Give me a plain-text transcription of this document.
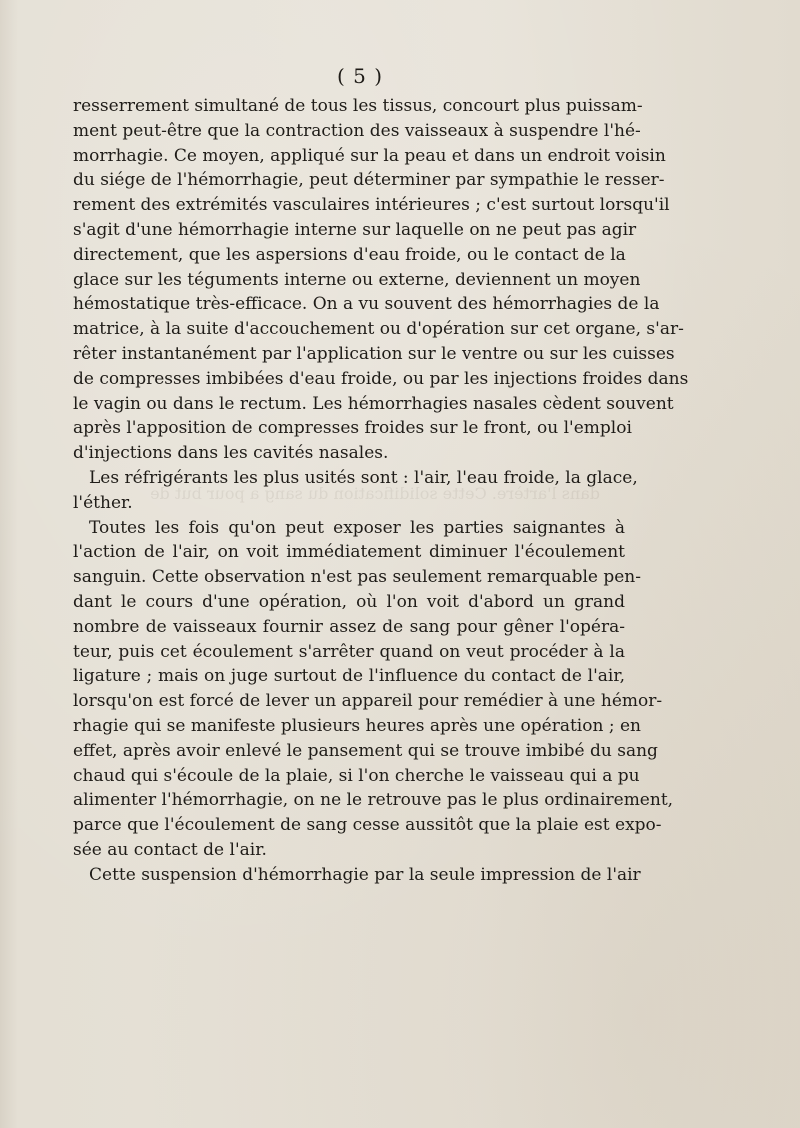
dans l'artère. Cette solidification du sang a pour but de
( 5 )
resserrement simultané de tous les tissus, concourt plus puissam-
ment peut-être que la contraction des vaisseaux à suspendre l'hé-
morrhagie. Ce moyen, appliqué sur la peau et dans un endroit voisin
du siége de l'hémorrhagie, peut déterminer par sympathie le resser-
rement des extrémités vasculaires intérieures ; c'est surtout lorsqu'il
s'agit d'une hémorrhagie interne sur laquelle on ne peut pas agir
directement, que les aspersions d'eau froide, ou le contact de la
glace sur les téguments interne ou externe, deviennent un moyen
hémostatique très-efficace. On a vu souvent des hémorrhagies de la
matrice, à la suite d'accouchement ou d'opération sur cet organe, s'ar-
rêter instantanément par l'application sur le ventre ou sur les cuisses
de compresses imbibées d'eau froide, ou par les injections froides dans
le vagin ou dans le rectum. Les hémorrhagies nasales cèdent souvent
après l'apposition de compresses froides sur le front, ou l'emploi
d'injections dans les cavités nasales.
Les réfrigérants les plus usités sont : l'air, l'eau froide, la glace,
l'éther.
Toutes les fois qu'on peut exposer les parties saignantes à
l'action de l'air, on voit immédiatement diminuer l'écoulement
sanguin. Cette observation n'est pas seulement remarquable pen-
dant le cours d'une opération, où l'on voit d'abord un grand
nombre de vaisseaux fournir assez de sang pour gêner l'opéra-
teur, puis cet écoulement s'arrêter quand on veut procéder à la
ligature ; mais on juge surtout de l'influence du contact de l'air,
lorsqu'on est forcé de lever un appareil pour remédier à une hémor-
rhagie qui se manifeste plusieurs heures après une opération ; en
effet, après avoir enlevé le pansement qui se trouve imbibé du sang
chaud qui s'écoule de la plaie, si l'on cherche le vaisseau qui a pu
alimenter l'hémorrhagie, on ne le retrouve pas le plus ordinairement,
parce que l'écoulement de sang cesse aussitôt que la plaie est expo-
sée au contact de l'air.
Cette suspension d'hémorrhagie par la seule impression de l'air
